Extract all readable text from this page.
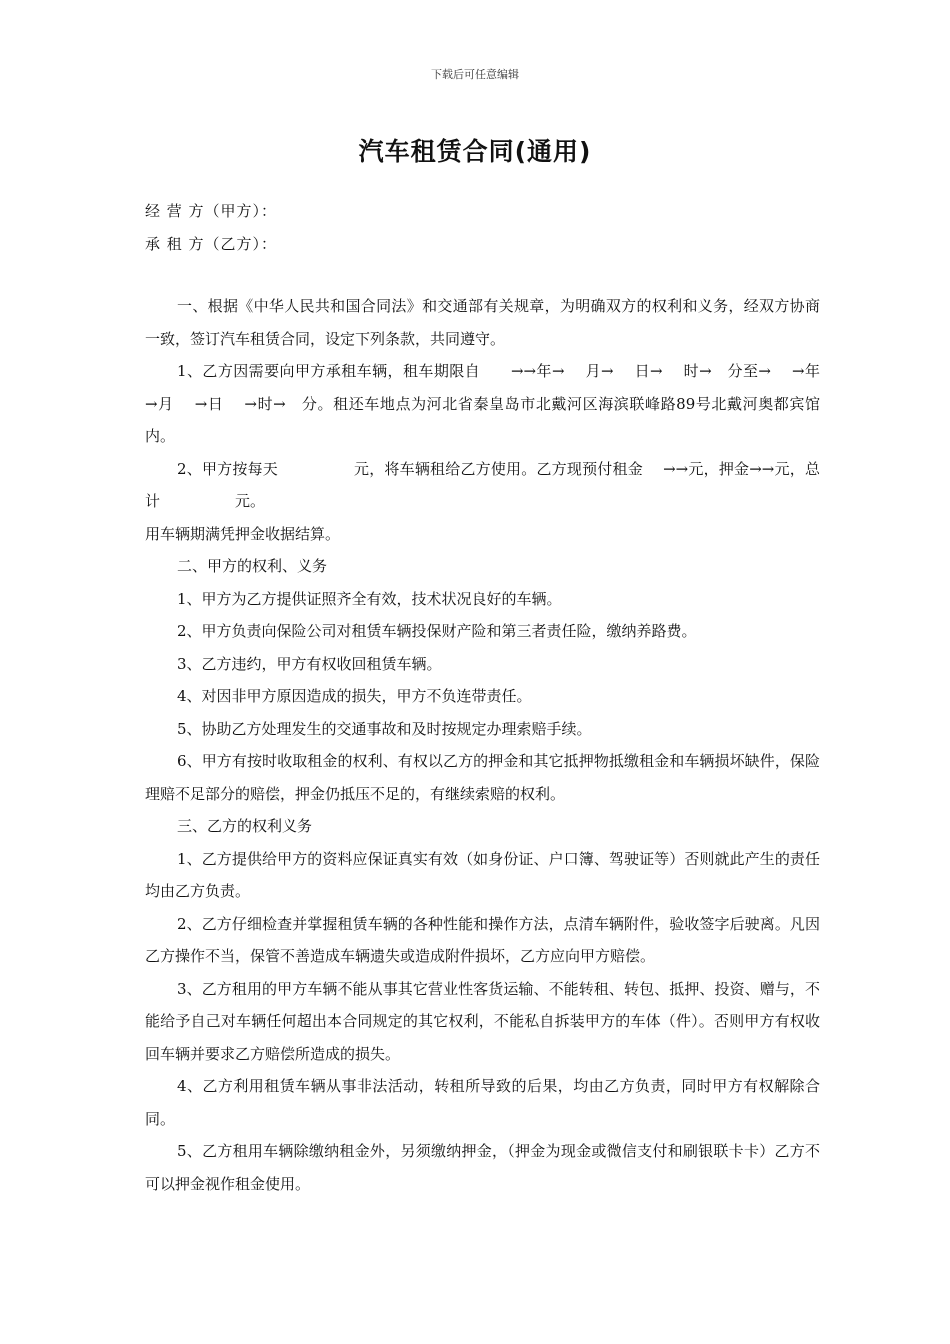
下载后可任意编辑
汽车租赁合同(通用)
经 营 方（甲方）：
承 租 方（乙方）：

一、根据《中华人民共和国合同法》和交通部有关规章，为明确双方的权利和义务，经双方协商一致，签订汽车租赁合同，设定下列条款，共同遵守。

1、乙方因需要向甲方承租车辆，租车期限自　　→→年→　 月→　 日→　 时→　分至→　 →年　 →月　 →日　 →时→　分。租还车地点为河北省秦皇岛市北戴河区海滨联峰路89号北戴河奥都宾馆内。

2、甲方按每天　　　　　元，将车辆租给乙方使用。乙方现预付租金　 →→元，押金→→元，总计　　　　　元。

用车辆期满凭押金收据结算。

二、甲方的权利、义务

1、甲方为乙方提供证照齐全有效，技术状况良好的车辆。

2、甲方负责向保险公司对租赁车辆投保财产险和第三者责任险，缴纳养路费。

3、乙方违约，甲方有权收回租赁车辆。

4、对因非甲方原因造成的损失，甲方不负连带责任。

5、协助乙方处理发生的交通事故和及时按规定办理索赔手续。

6、甲方有按时收取租金的权利、有权以乙方的押金和其它抵押物抵缴租金和车辆损坏缺件，保险理赔不足部分的赔偿，押金仍抵压不足的，有继续索赔的权利。

三、乙方的权利义务

1、乙方提供给甲方的资料应保证真实有效（如身份证、户口簿、驾驶证等）否则就此产生的责任均由乙方负责。

2、乙方仔细检查并掌握租赁车辆的各种性能和操作方法，点清车辆附件，验收签字后驶离。凡因乙方操作不当，保管不善造成车辆遗失或造成附件损坏，乙方应向甲方赔偿。

3、乙方租用的甲方车辆不能从事其它营业性客货运输、不能转租、转包、抵押、投资、赠与，不能给予自己对车辆任何超出本合同规定的其它权利，不能私自拆装甲方的车体（件）。否则甲方有权收回车辆并要求乙方赔偿所造成的损失。

4、乙方利用租赁车辆从事非法活动，转租所导致的后果，均由乙方负责，同时甲方有权解除合同。

5、乙方租用车辆除缴纳租金外，另须缴纳押金，（押金为现金或微信支付和刷银联卡卡）乙方不可以押金视作租金使用。
